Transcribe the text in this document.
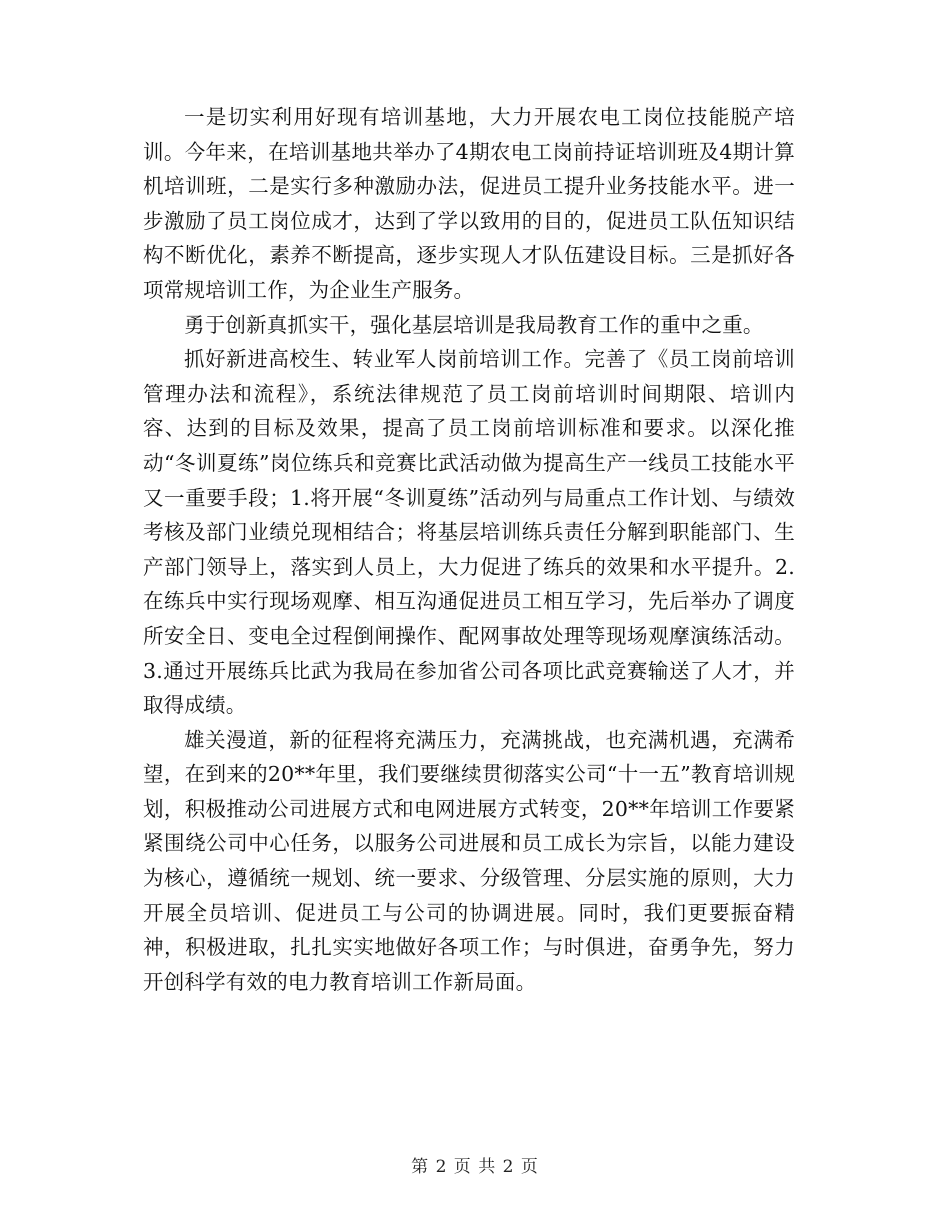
一是切实利用好现有培训基地，大力开展农电工岗位技能脱产培训。今年来，在培训基地共举办了4期农电工岗前持证培训班及4期计算机培训班，二是实行多种激励办法，促进员工提升业务技能水平。进一步激励了员工岗位成才，达到了学以致用的目的，促进员工队伍知识结构不断优化，素养不断提高，逐步实现人才队伍建设目标。三是抓好各项常规培训工作，为企业生产服务。

勇于创新真抓实干，强化基层培训是我局教育工作的重中之重。

抓好新进高校生、转业军人岗前培训工作。完善了《员工岗前培训管理办法和流程》，系统法律规范了员工岗前培训时间期限、培训内容、达到的目标及效果，提高了员工岗前培训标准和要求。以深化推动“冬训夏练”岗位练兵和竞赛比武活动做为提高生产一线员工技能水平又一重要手段；1.将开展“冬训夏练”活动列与局重点工作计划、与绩效考核及部门业绩兑现相结合；将基层培训练兵责任分解到职能部门、生产部门领导上，落实到人员上，大力促进了练兵的效果和水平提升。2.在练兵中实行现场观摩、相互沟通促进员工相互学习，先后举办了调度所安全日、变电全过程倒闸操作、配网事故处理等现场观摩演练活动。3.通过开展练兵比武为我局在参加省公司各项比武竞赛输送了人才，并取得成绩。

雄关漫道，新的征程将充满压力，充满挑战，也充满机遇，充满希望，在到来的20**年里，我们要继续贯彻落实公司“十一五”教育培训规划，积极推动公司进展方式和电网进展方式转变，20**年培训工作要紧紧围绕公司中心任务，以服务公司进展和员工成长为宗旨，以能力建设为核心，遵循统一规划、统一要求、分级管理、分层实施的原则，大力开展全员培训、促进员工与公司的协调进展。同时，我们更要振奋精神，积极进取，扎扎实实地做好各项工作；与时俱进，奋勇争先，努力开创科学有效的电力教育培训工作新局面。

第 2 页 共 2 页
